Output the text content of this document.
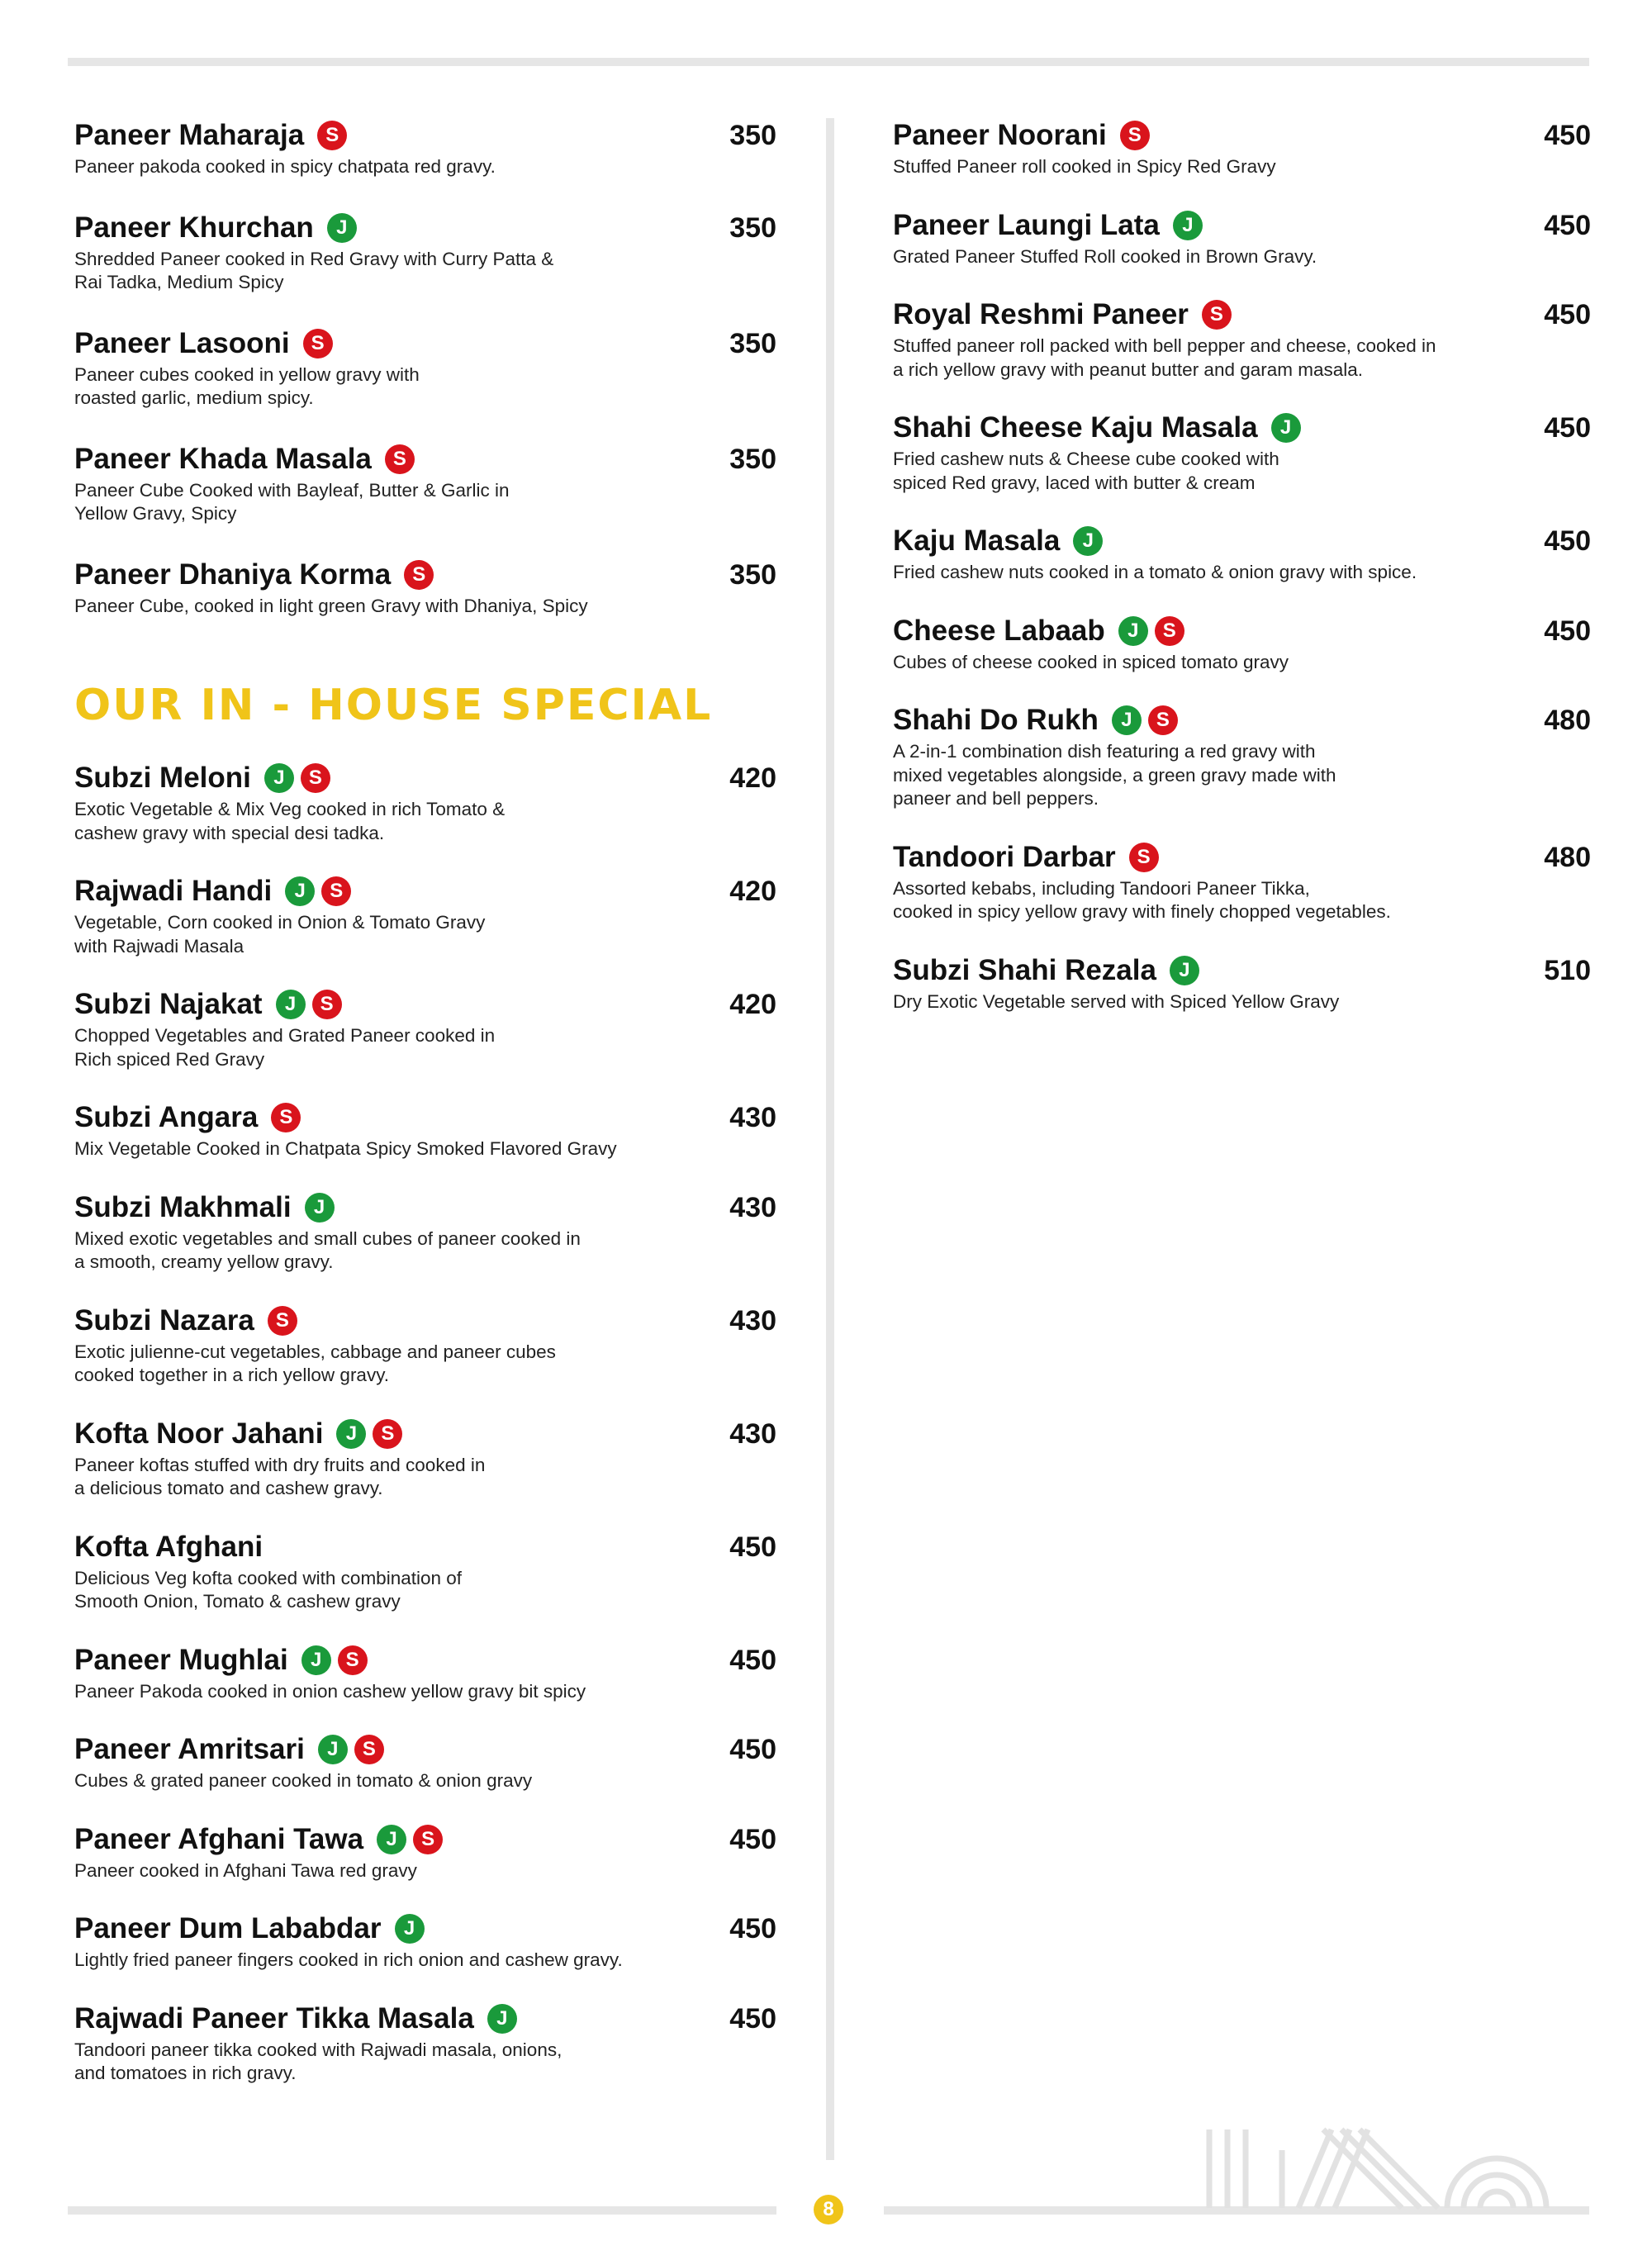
Paneer Maharaja	S	350
Paneer pakoda cooked in spicy chatpata red gravy.
Paneer Khurchan	J	350
Shredded Paneer cooked in Red Gravy with Curry Patta &
Rai Tadka, Medium Spicy
Paneer Lasooni	S	350
Paneer cubes cooked in yellow gravy with
roasted garlic, medium spicy.
Paneer Khada Masala	S	350
Paneer Cube Cooked with Bayleaf, Butter & Garlic in
Yellow Gravy, Spicy
Paneer Dhaniya Korma	S	350
Paneer Cube, cooked in light green Gravy with Dhaniya, Spicy
OUR IN - HOUSE SPECIAL
Subzi Meloni	J	S	420
Exotic Vegetable & Mix Veg cooked in rich Tomato &
cashew gravy with special desi tadka.
Rajwadi Handi	J	S	420
Vegetable, Corn cooked in Onion & Tomato Gravy
with Rajwadi Masala
Subzi Najakat	J	S	420
Chopped Vegetables and Grated Paneer cooked in
Rich spiced Red Gravy
Subzi Angara	S	430
Mix Vegetable Cooked in Chatpata Spicy Smoked Flavored Gravy
Subzi Makhmali	J	430
Mixed exotic vegetables and small cubes of paneer cooked in
a smooth, creamy yellow gravy.
Subzi Nazara	S	430
Exotic julienne-cut vegetables, cabbage and paneer cubes
cooked together in a rich yellow gravy.
Kofta Noor Jahani	J	S	430
Paneer koftas stuffed with dry fruits and cooked in
a delicious tomato and cashew gravy.
Kofta Afghani	450
Delicious Veg kofta cooked with combination of
Smooth Onion, Tomato & cashew gravy
Paneer Mughlai	J	S	450
Paneer Pakoda cooked in onion cashew yellow gravy bit spicy
Paneer Amritsari	J	S	450
Cubes & grated paneer cooked in tomato & onion gravy
Paneer Afghani Tawa	J	S	450
Paneer cooked in Afghani Tawa red gravy
Paneer Dum Lababdar	J	450
Lightly fried paneer fingers cooked in rich onion and cashew gravy.
Rajwadi Paneer Tikka Masala	J	450
Tandoori paneer tikka cooked with Rajwadi masala, onions,
and tomatoes in rich gravy.
Paneer Noorani	S	450
Stuffed Paneer roll cooked in Spicy Red Gravy
Paneer Laungi Lata	J	450
Grated Paneer Stuffed Roll cooked in Brown Gravy.
Royal Reshmi Paneer	S	450
Stuffed paneer roll packed with bell pepper and cheese, cooked in
a rich yellow gravy with peanut butter and garam masala.
Shahi Cheese Kaju Masala	J	450
Fried cashew nuts & Cheese cube cooked with
spiced Red gravy, laced with butter & cream
Kaju Masala	J	450
Fried cashew nuts cooked in a tomato & onion gravy with spice.
Cheese Labaab	J	S	450
Cubes of cheese cooked in spiced tomato gravy
Shahi Do Rukh	J	S	480
A 2-in-1 combination dish featuring a red gravy with
mixed vegetables alongside, a green gravy made with
paneer and bell peppers.
Tandoori Darbar	S	480
Assorted kebabs, including Tandoori Paneer Tikka,
cooked in spicy yellow gravy with finely chopped vegetables.
Subzi Shahi Rezala	J	510
Dry Exotic Vegetable served with Spiced Yellow Gravy
8
